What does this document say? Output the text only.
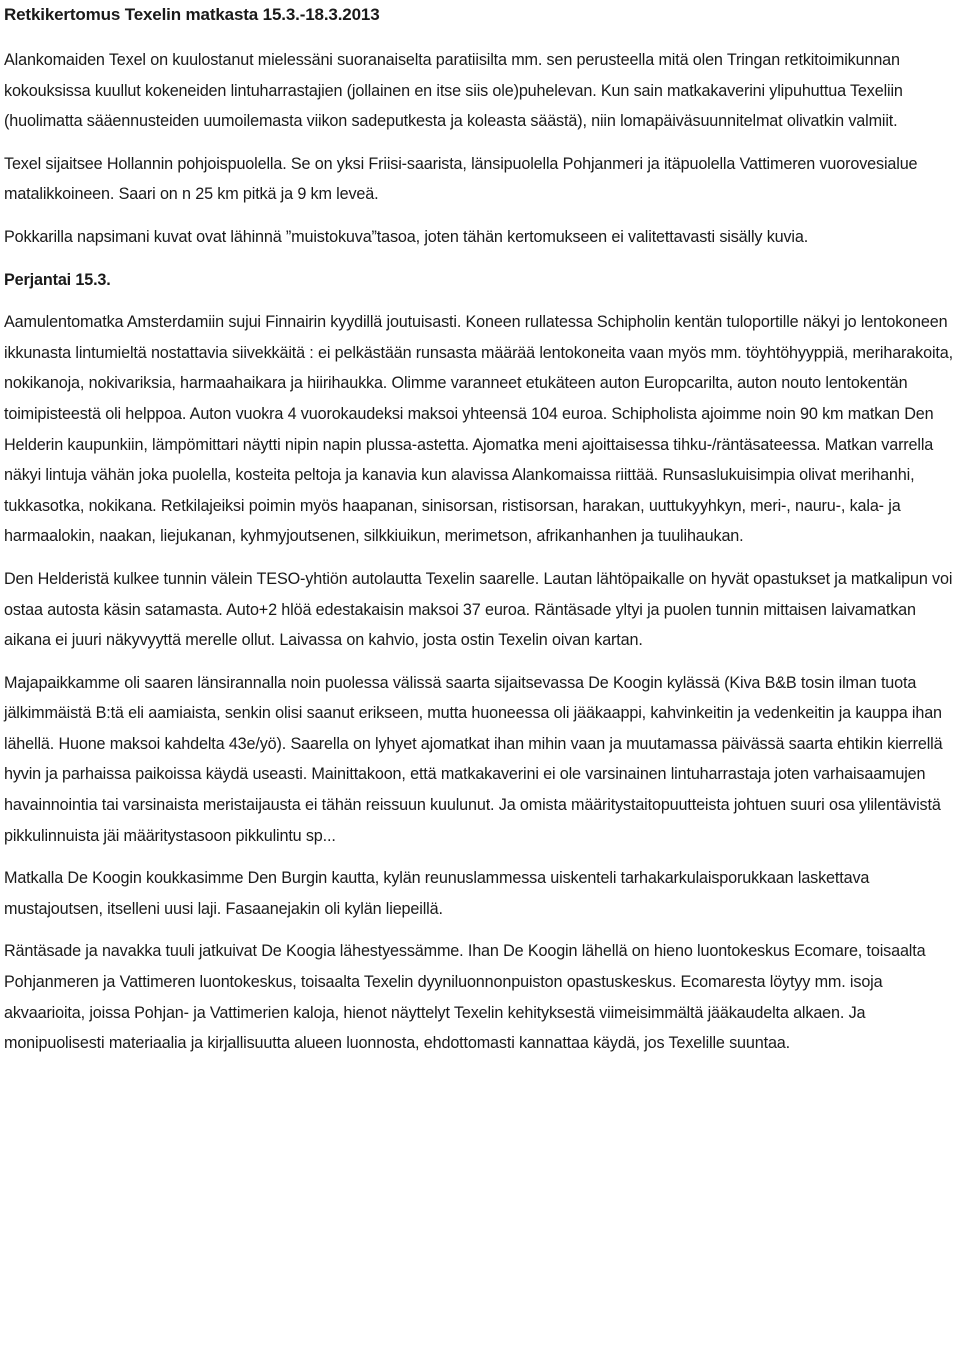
Retkikertomus Texelin matkasta 15.3.-18.3.2013

Alankomaiden Texel on kuulostanut mielessäni suoranaiselta paratiisilta mm. sen perusteella mitä olen Tringan retkitoimikunnan kokouksissa kuullut kokeneiden lintuharrastajien (jollainen en itse siis ole)puhelevan. Kun sain matkakaverini ylipuhuttua Texeliin (huolimatta sääennusteiden uumoilemasta viikon sadeputkesta ja koleasta säästä), niin lomapäiväsuunnitelmat olivatkin valmiit.

Texel sijaitsee Hollannin pohjoispuolella. Se on yksi Friisi-saarista, länsipuolella Pohjanmeri ja itäpuolella Vattimeren vuorovesialue matalikkoineen. Saari on n 25 km pitkä ja 9 km leveä.

Pokkarilla napsimani kuvat ovat lähinnä ”muistokuva”tasoa, joten tähän kertomukseen ei valitettavasti sisälly kuvia.

Perjantai 15.3.

Aamulentomatka Amsterdamiin sujui Finnairin kyydillä joutuisasti. Koneen rullatessa Schipholin kentän tuloportille näkyi jo lentokoneen ikkunasta lintumieltä nostattavia siivekkäitä : ei pelkästään runsasta määrää lentokoneita vaan myös mm. töyhtöhyyppiä, meriharakoita, nokikanoja, nokivariksia, harmaahaikara ja hiirihaukka. Olimme varanneet etukäteen auton Europcarilta, auton nouto lentokentän toimipisteestä oli helppoa. Auton vuokra 4 vuorokaudeksi maksoi yhteensä 104 euroa. Schipholista ajoimme noin 90 km matkan Den Helderin kaupunkiin, lämpömittari näytti nipin napin plussa-astetta. Ajomatka meni ajoittaisessa tihku-/räntäsateessa. Matkan varrella näkyi lintuja vähän joka puolella, kosteita peltoja ja kanavia kun alavissa Alankomaissa riittää. Runsaslukuisimpia olivat merihanhi, tukkasotka, nokikana. Retkilajeiksi poimin myös haapanan, sinisorsan, ristisorsan, harakan, uuttukyyhkyn, meri-, nauru-, kala- ja harmaalokin, naakan, liejukanan, kyhmyjoutsenen, silkkiuikun, merimetson, afrikanhanhen ja tuulihaukan.

Den Helderistä kulkee tunnin välein TESO-yhtiön autolautta Texelin saarelle. Lautan lähtöpaikalle on hyvät opastukset ja matkalipun voi ostaa autosta käsin satamasta. Auto+2 hlöä edestakaisin maksoi 37 euroa. Räntäsade yltyi ja puolen tunnin mittaisen laivamatkan aikana ei juuri näkyvyyttä merelle ollut. Laivassa on kahvio, josta ostin Texelin oivan kartan.

Majapaikkamme oli saaren länsirannalla noin puolessa välissä saarta sijaitsevassa De Koogin kylässä (Kiva B&B tosin ilman tuota jälkimmäistä B:tä eli aamiaista, senkin olisi saanut erikseen, mutta huoneessa oli jääkaappi, kahvinkeitin ja vedenkeitin ja kauppa ihan lähellä. Huone maksoi kahdelta 43e/yö). Saarella on lyhyet ajomatkat ihan mihin vaan ja muutamassa päivässä saarta ehtikin kierrellä hyvin ja parhaissa paikoissa käydä useasti. Mainittakoon, että matkakaverini ei ole varsinainen lintuharrastaja joten varhaisaamujen havainnointia tai varsinaista meristaijausta ei tähän reissuun kuulunut. Ja omista määritystaitopuutteista johtuen suuri osa ylilentävistä pikkulinnuista jäi määritystasoon pikkulintu sp...

Matkalla De Koogin koukkasimme Den Burgin kautta, kylän reunuslammessa uiskenteli tarhakarkulaisporukkaan laskettava mustajoutsen, itselleni uusi laji. Fasaanejakin oli kylän liepeillä.

Räntäsade ja navakka tuuli jatkuivat De Koogia lähestyessämme. Ihan De Koogin lähellä on hieno luontokeskus Ecomare, toisaalta Pohjanmeren ja Vattimeren luontokeskus, toisaalta Texelin dyyniluonnonpuiston opastuskeskus. Ecomaresta löytyy mm. isoja akvaarioita, joissa Pohjan- ja Vattimerien kaloja, hienot näyttelyt Texelin kehityksestä viimeisimmältä jääkaudelta alkaen. Ja monipuolisesti materiaalia ja kirjallisuutta alueen luonnosta, ehdottomasti kannattaa käydä, jos Texelille suuntaa.
